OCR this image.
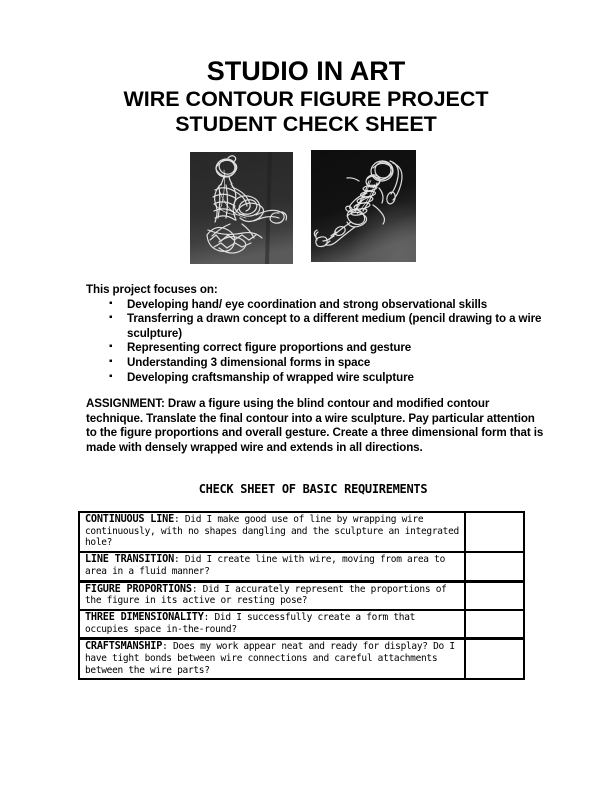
STUDIO IN ART
WIRE CONTOUR FIGURE PROJECT
STUDENT CHECK SHEET
This project focuses on:
▪ Developing hand/ eye coordination and strong observational skills
▪ Transferring a drawn concept to a different medium (pencil drawing to a wire sculpture)
▪ Representing correct figure proportions and gesture
▪ Understanding 3 dimensional forms in space
▪ Developing craftsmanship of wrapped wire sculpture

ASSIGNMENT: Draw a figure using the blind contour and modified contour technique. Translate the final contour into a wire sculpture. Pay particular attention to the figure proportions and overall gesture. Create a three dimensional form that is made with densely wrapped wire and extends in all directions.

CHECK SHEET OF BASIC REQUIREMENTS
CONTINUOUS LINE: Did I make good use of line by wrapping wire continuously, with no shapes dangling and the sculpture an integrated hole?	
LINE TRANSITION: Did I create line with wire, moving from area to area in a fluid manner?	
FIGURE PROPORTIONS: Did I accurately represent the proportions of the figure in its active or resting pose?	
THREE DIMENSIONALITY: Did I successfully create a form that occupies space in-the-round?	
CRAFTSMANSHIP: Does my work appear neat and ready for display? Do I have tight bonds between wire connections and careful attachments between the wire parts?	
